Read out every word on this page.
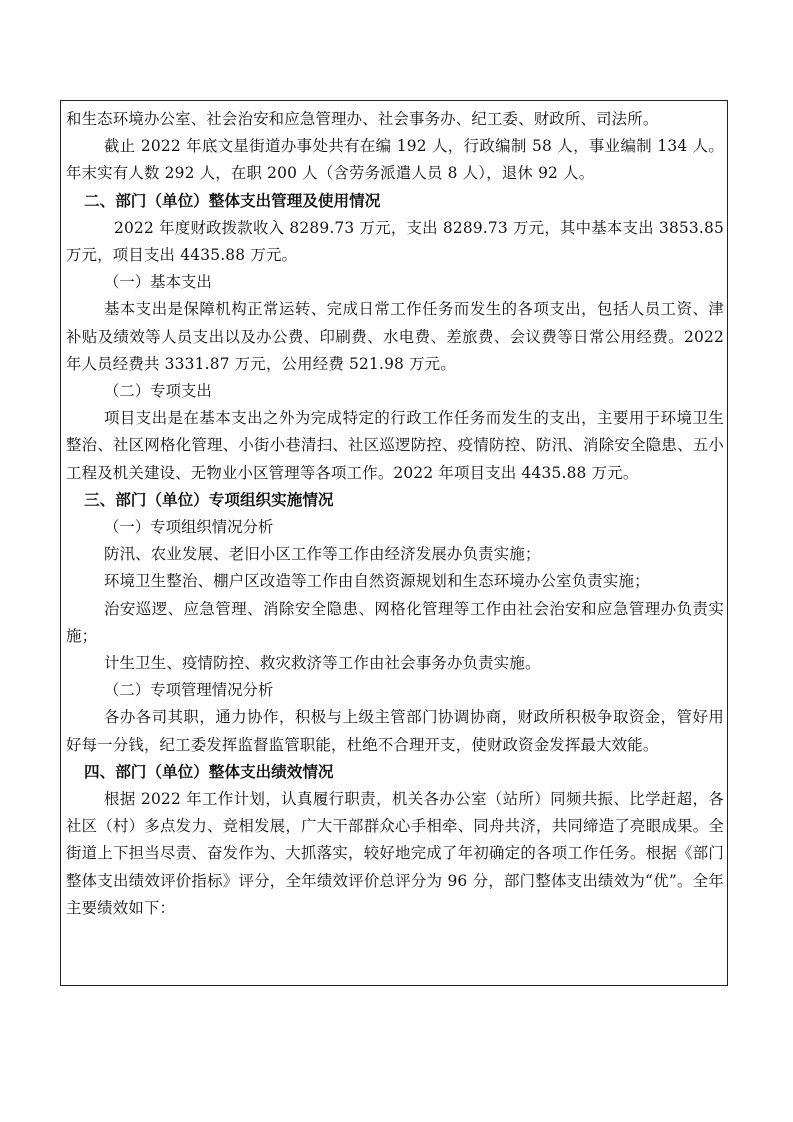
和生态环境办公室、社会治安和应急管理办、社会事务办、纪工委、财政所、司法所。

截止 2022 年底文星街道办事处共有在编 192 人，行政编制 58 人，事业编制 134 人。年末实有人数 292 人，在职 200 人（含劳务派遣人员 8 人），退休 92 人。

二、部门（单位）整体支出管理及使用情况

2022 年度财政拨款收入 8289.73 万元，支出 8289.73 万元，其中基本支出 3853.85 万元，项目支出 4435.88 万元。

（一）基本支出

基本支出是保障机构正常运转、完成日常工作任务而发生的各项支出，包括人员工资、津补贴及绩效等人员支出以及办公费、印刷费、水电费、差旅费、会议费等日常公用经费。2022 年人员经费共 3331.87 万元，公用经费 521.98 万元。

（二）专项支出

项目支出是在基本支出之外为完成特定的行政工作任务而发生的支出，主要用于环境卫生整治、社区网格化管理、小街小巷清扫、社区巡逻防控、疫情防控、防汛、消除安全隐患、五小工程及机关建设、无物业小区管理等各项工作。2022 年项目支出 4435.88 万元。

三、部门（单位）专项组织实施情况

（一）专项组织情况分析

防汛、农业发展、老旧小区工作等工作由经济发展办负责实施；

环境卫生整治、棚户区改造等工作由自然资源规划和生态环境办公室负责实施；

治安巡逻、应急管理、消除安全隐患、网格化管理等工作由社会治安和应急管理办负责实施；

计生卫生、疫情防控、救灾救济等工作由社会事务办负责实施。

（二）专项管理情况分析

各办各司其职，通力协作，积极与上级主管部门协调协商，财政所积极争取资金，管好用好每一分钱，纪工委发挥监督监管职能，杜绝不合理开支，使财政资金发挥最大效能。

四、部门（单位）整体支出绩效情况

根据 2022 年工作计划，认真履行职责，机关各办公室（站所）同频共振、比学赶超，各社区（村）多点发力、竞相发展，广大干部群众心手相牵、同舟共济，共同缔造了亮眼成果。全街道上下担当尽责、奋发作为、大抓落实，较好地完成了年初确定的各项工作任务。根据《部门整体支出绩效评价指标》评分，全年绩效评价总评分为 96 分，部门整体支出绩效为“优”。全年主要绩效如下：
